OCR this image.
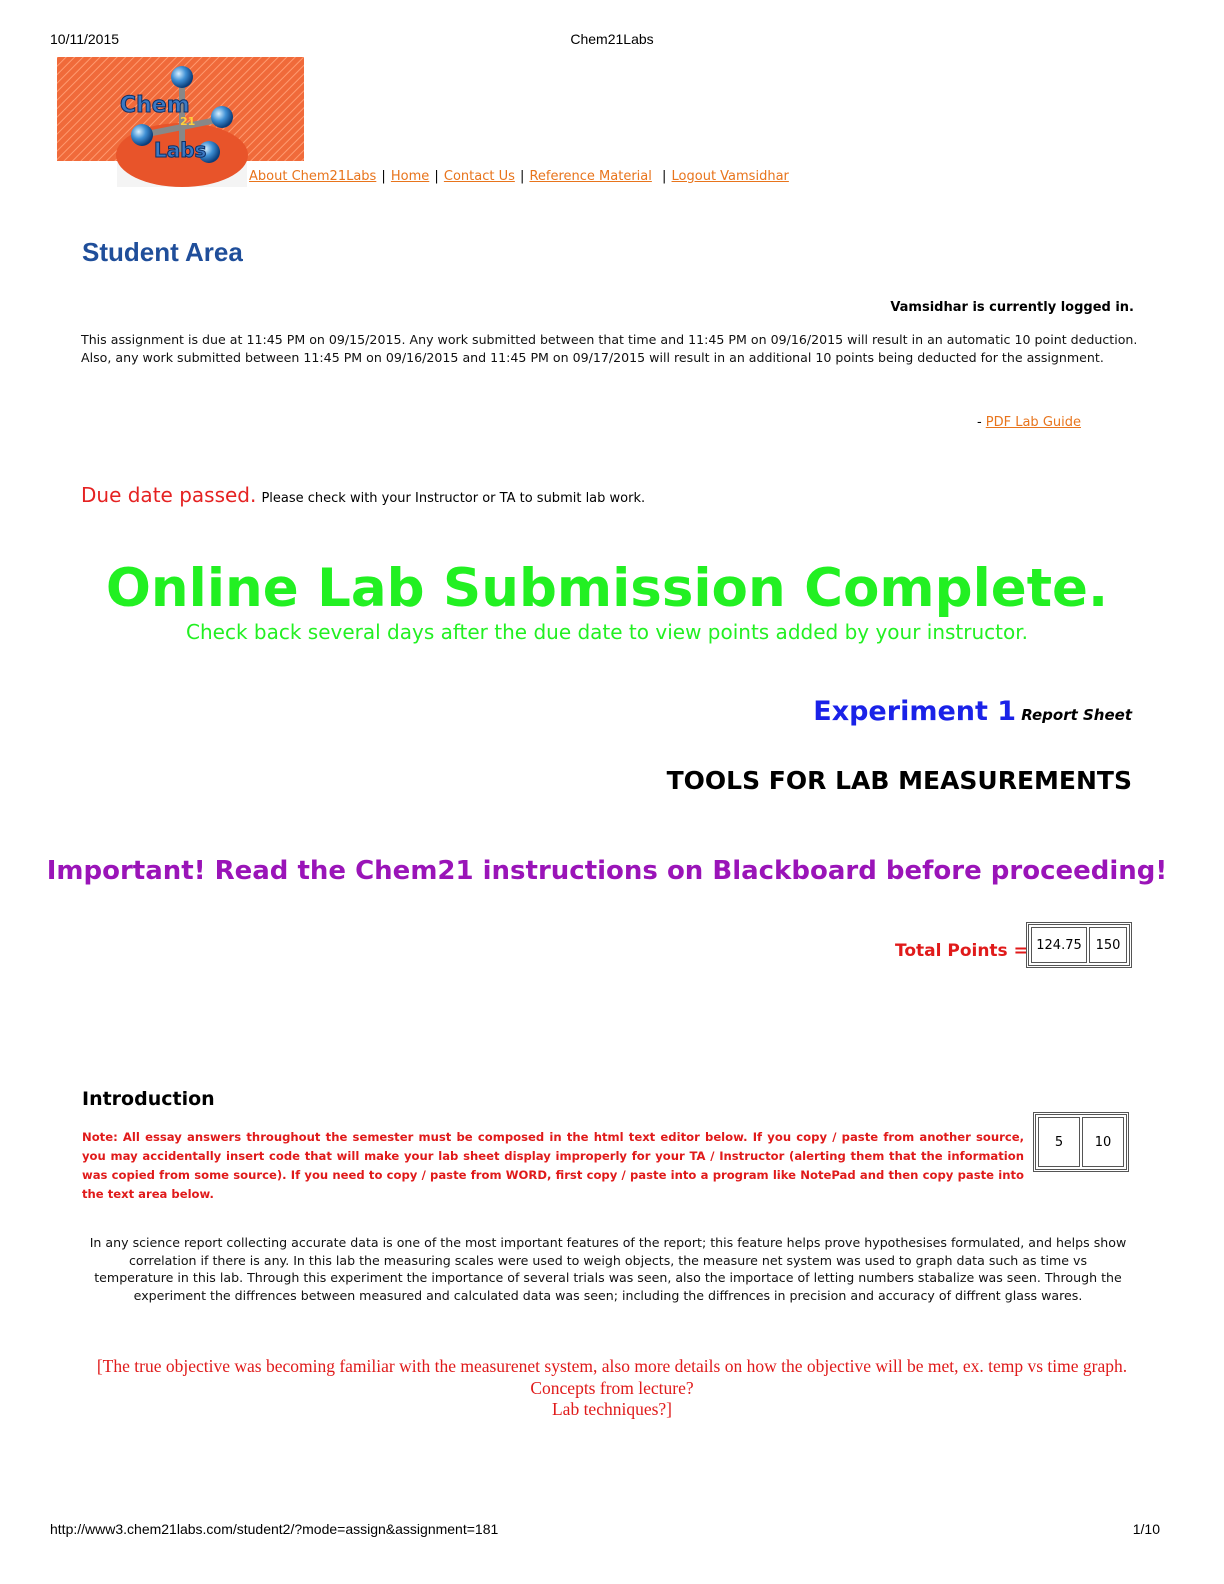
10/11/2015	Chem21Labs
Chem
21
Labs
About Chem21Labs | Home | Contact Us | Reference Material | Logout Vamsidhar
Student Area
Vamsidhar is currently logged in.
This assignment is due at 11:45 PM on 09/15/2015. Any work submitted between that time and 11:45 PM on 09/16/2015 will result in an automatic 10 point deduction.
Also, any work submitted between 11:45 PM on 09/16/2015 and 11:45 PM on 09/17/2015 will result in an additional 10 points being deducted for the assignment.
- PDF Lab Guide
Due date passed. Please check with your Instructor or TA to submit lab work.
Online Lab Submission Complete.
Check back several days after the due date to view points added by your instructor.
Experiment 1 Report Sheet
TOOLS FOR LAB MEASUREMENTS
Important! Read the Chem21 instructions on Blackboard before proceeding!
Total Points = 124.75	150
Introduction
Note: All essay answers throughout the semester must be composed in the html text editor below. If you copy / paste from another source, you may accidentally insert code that will make your lab sheet display improperly for your TA / Instructor (alerting them that the information was copied from some source). If you need to copy / paste from WORD, first copy / paste into a program like NotePad and then copy paste into the text area below.
5	10
In any science report collecting accurate data is one of the most important features of the report; this feature helps prove hypothesises formulated, and helps show correlation if there is any. In this lab the measuring scales were used to weigh objects, the measure net system was used to graph data such as time vs temperature in this lab. Through this experiment the importance of several trials was seen, also the importace of letting numbers stabalize was seen. Through the experiment the diffrences between measured and calculated data was seen; including the diffrences in precision and accuracy of diffrent glass wares.
[The true objective was becoming familiar with the measurenet system, also more details on how the objective will be met, ex. temp vs time graph.
Concepts from lecture?
Lab techniques?]
http://www3.chem21labs.com/student2/?mode=assign&assignment=181	1/10
